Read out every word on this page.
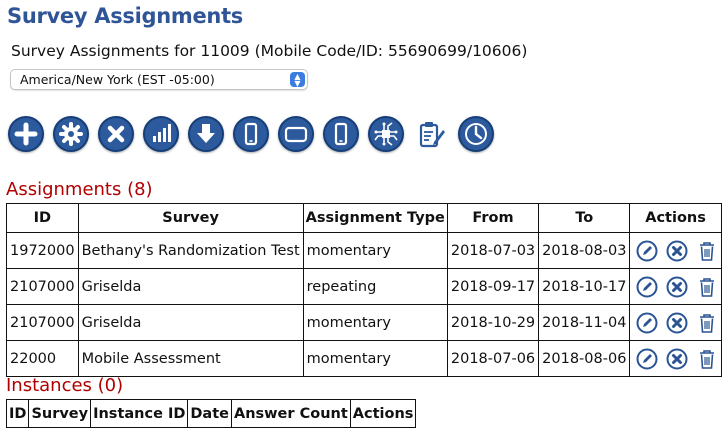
Survey Assignments
Survey Assignments for 11009 (Mobile Code/ID: 55690699/10606)
America/New York (EST -05:00)	▲
▼
Assignments (8)
ID	Survey	Assignment Type	From	To	Actions
1972000	Bethany's Randomization Test	momentary	2018-07-03	2018-08-03	
2107000	Griselda	repeating	2018-09-17	2018-10-17	
2107000	Griselda	momentary	2018-10-29	2018-11-04	
22000	Mobile Assessment	momentary	2018-07-06	2018-08-06	
Instances (0)
ID	Survey	Instance ID	Date	Answer Count	Actions
